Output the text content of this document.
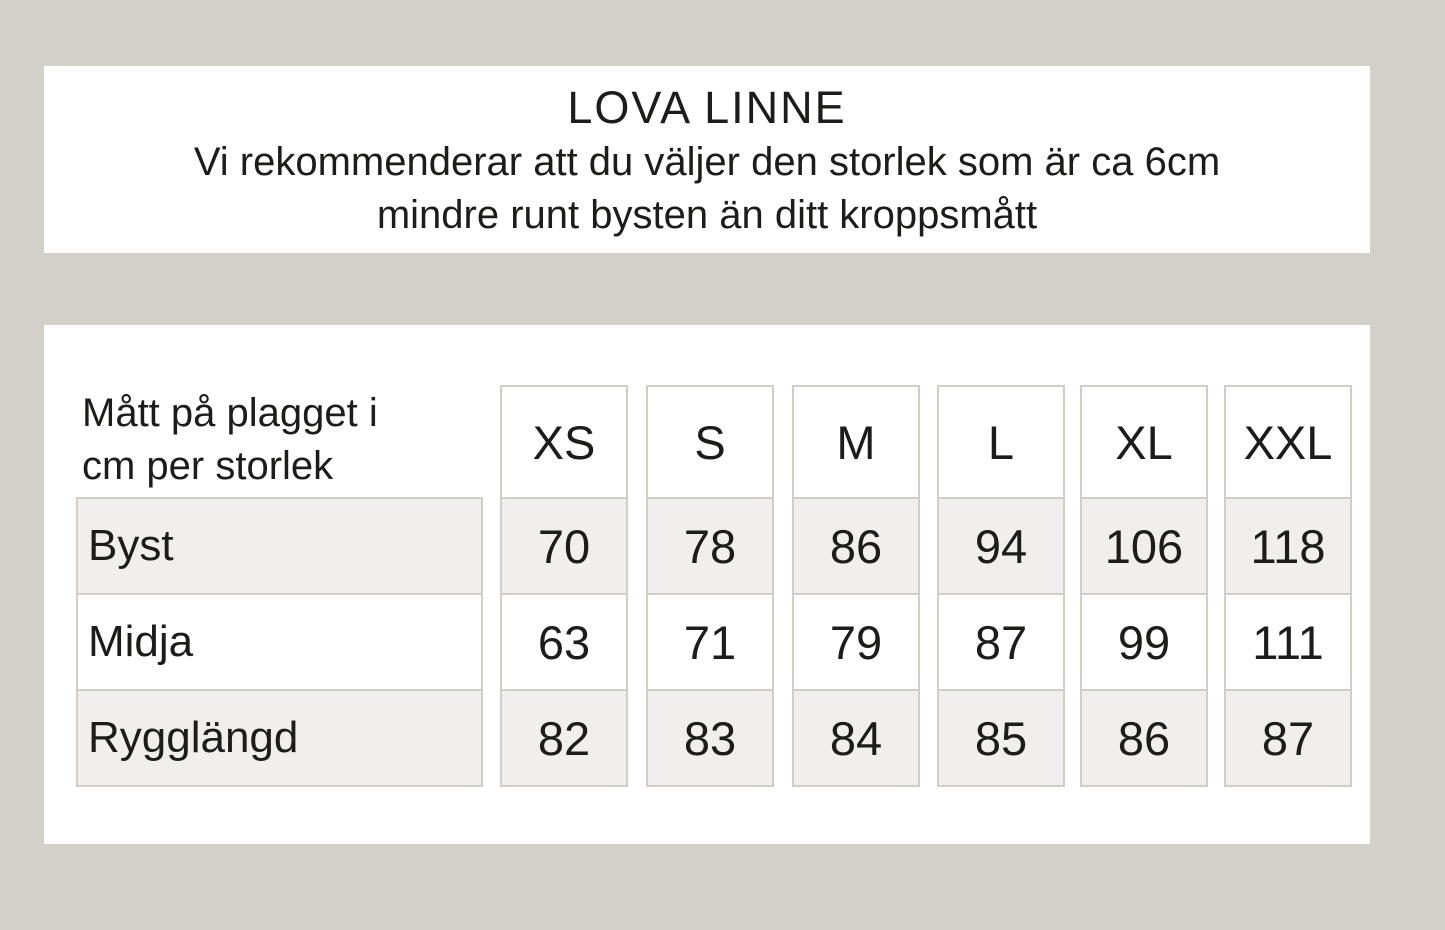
LOVA LINNE
Vi rekommenderar att du väljer den storlek som är ca 6cm
mindre runt bysten än ditt kroppsmått
Mått på plagget i
cm per storlek
Byst
Midja
Rygglängd
XS
70
63
82
S
78
71
83
M
86
79
84
L
94
87
85
XL
106
99
86
XXL
118
111
87
